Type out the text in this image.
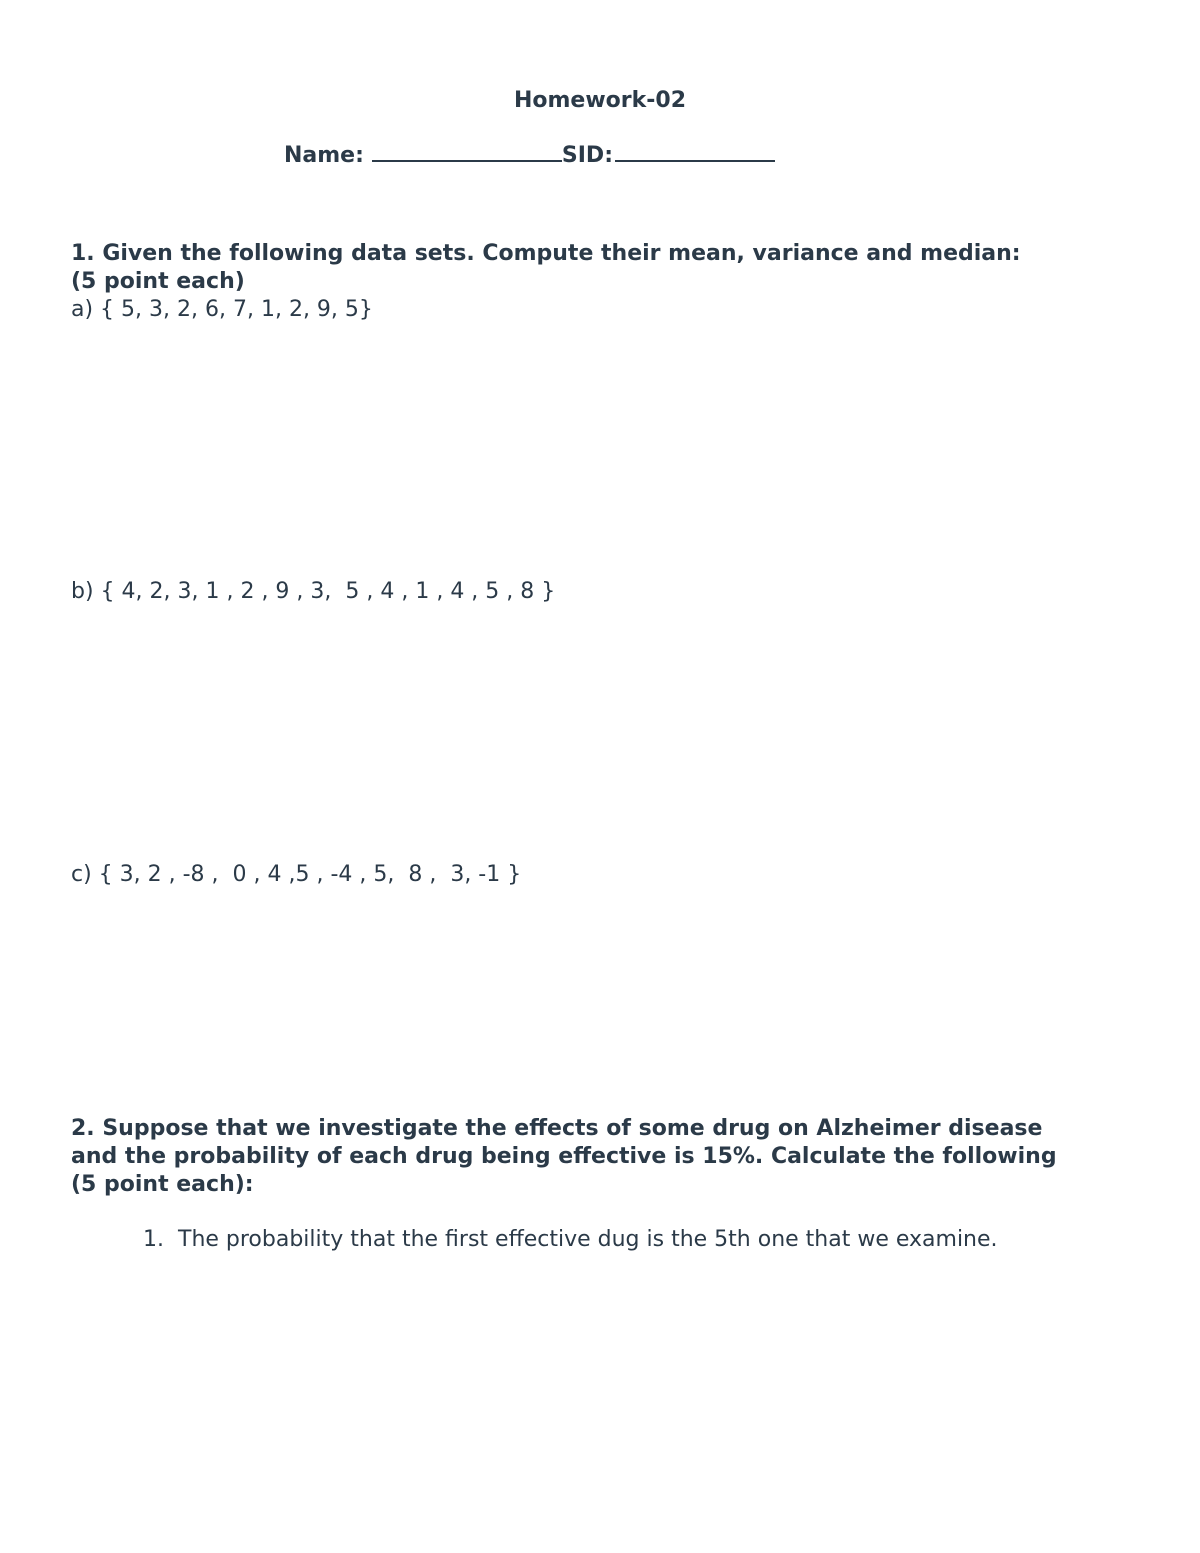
Homework-02
Name:	SID:
1. Given the following data sets. Compute their mean, variance and median:
(5 point each)
a) { 5, 3, 2, 6, 7, 1, 2, 9, 5}
b) { 4, 2, 3, 1 , 2 , 9 , 3,  5 , 4 , 1 , 4 , 5 , 8 }
c) { 3, 2 , -8 ,  0 , 4 ,5 , -4 , 5,  8 ,  3, -1 }
2. Suppose that we investigate the effects of some drug on Alzheimer disease
and the probability of each drug being effective is 15%. Calculate the following
(5 point each):
1. The probability that the first effective dug is the 5th one that we examine.
